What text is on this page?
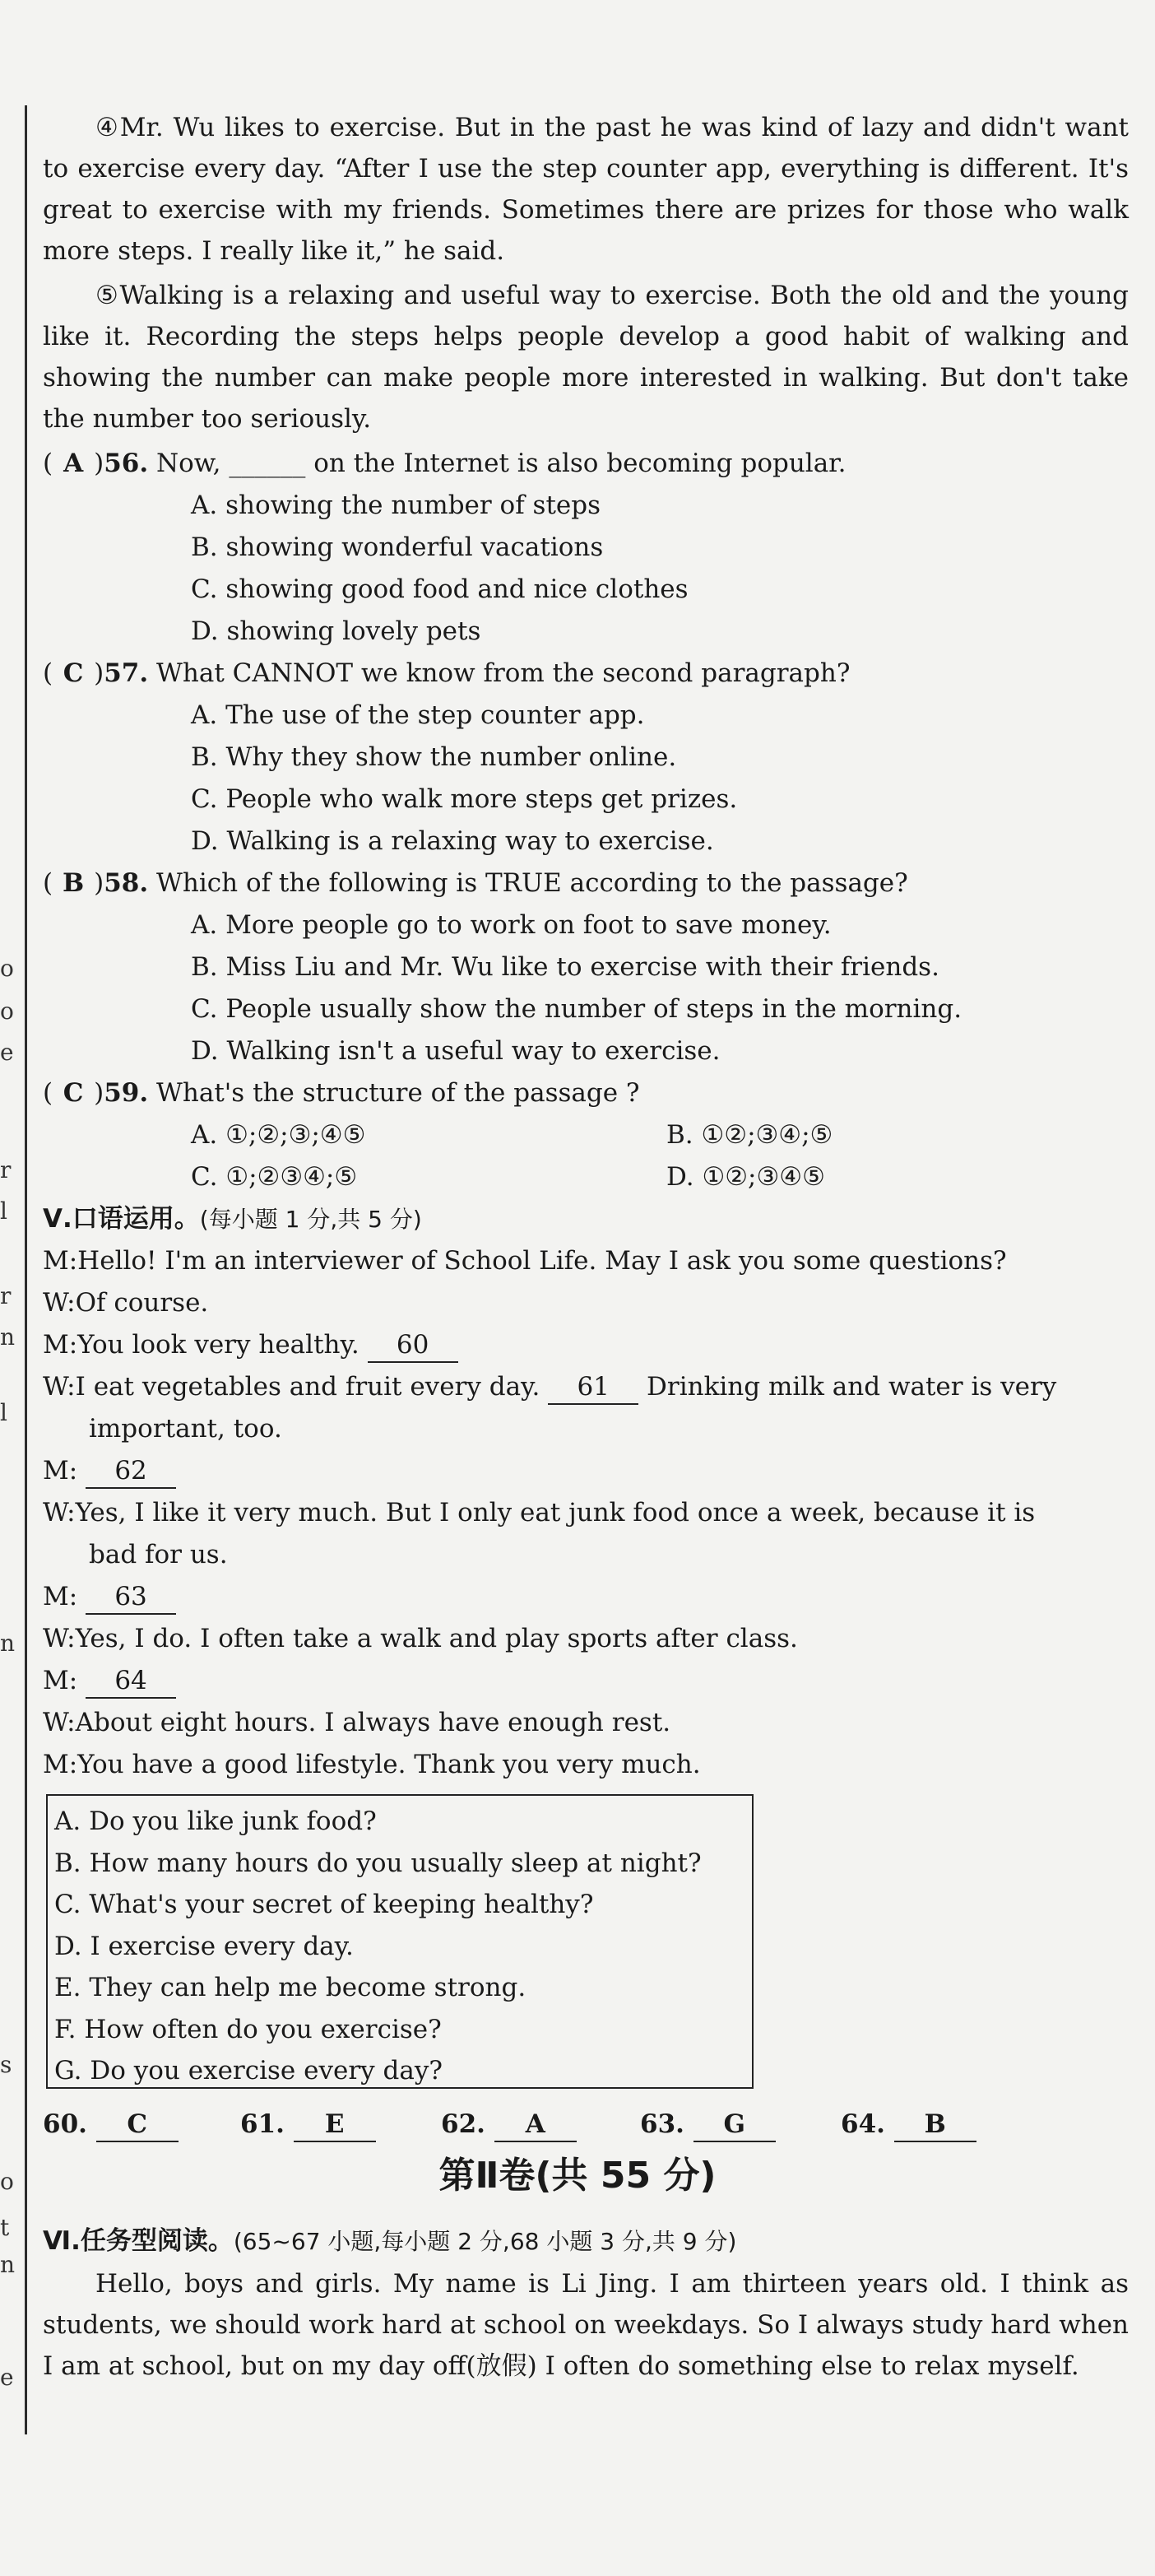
o
o
e
r
l
r
n
l
n
s
o
t
n
e
④Mr. Wu likes to exercise. But in the past he was kind of lazy and didn't want to exercise every day. “After I use the step counter app, everything is different. It's great to exercise with my friends. Sometimes there are prizes for those who walk more steps. I really like it,” he said.
⑤Walking is a relaxing and useful way to exercise. Both the old and the young like it. Recording the steps helps people develop a good habit of walking and showing the number can make people more interested in walking. But don't take the number too seriously.
( A )56. Now, ______ on the Internet is also becoming popular.
A. showing the number of steps
B. showing wonderful vacations
C. showing good food and nice clothes
D. showing lovely pets
( C )57. What CANNOT we know from the second paragraph?
A. The use of the step counter app.
B. Why they show the number online.
C. People who walk more steps get prizes.
D. Walking is a relaxing way to exercise.
( B )58. Which of the following is TRUE according to the passage?
A. More people go to work on foot to save money.
B. Miss Liu and Mr. Wu like to exercise with their friends.
C. People usually show the number of steps in the morning.
D. Walking isn't a useful way to exercise.
( C )59. What's the structure of the passage ?
A. ①;②;③;④⑤	B. ①②;③④;⑤
C. ①;②③④;⑤	D. ①②;③④⑤
Ⅴ.口语运用。(每小题 1 分,共 5 分)
M:Hello! I'm an interviewer of School Life. May I ask you some questions?
W:Of course.
M:You look very healthy. 60
W:I eat vegetables and fruit every day. 61 Drinking milk and water is very
important, too.
M: 62
W:Yes, I like it very much. But I only eat junk food once a week, because it is
bad for us.
M: 63
W:Yes, I do. I often take a walk and play sports after class.
M: 64
W:About eight hours. I always have enough rest.
M:You have a good lifestyle. Thank you very much.
A. Do you like junk food?
B. How many hours do you usually sleep at night?
C. What's your secret of keeping healthy?
D. I exercise every day.
E. They can help me become strong.
F. How often do you exercise?
G. Do you exercise every day?
60. C	61. E	62. A	63. G	64. B
第Ⅱ卷(共 55 分)
Ⅵ.任务型阅读。(65~67 小题,每小题 2 分,68 小题 3 分,共 9 分)
Hello, boys and girls. My name is Li Jing. I am thirteen years old. I think as students, we should work hard at school on weekdays. So I always study hard when I am at school, but on my day off(放假) I often do something else to relax myself.
